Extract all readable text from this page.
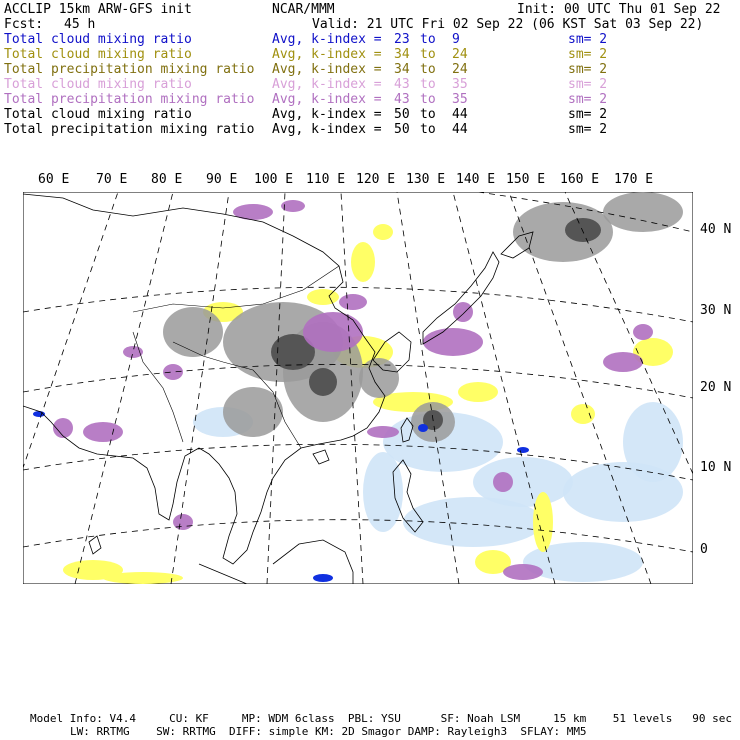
ACCLIP 15km ARW-GFS init	NCAR/MMM	Init: 00 UTC Thu 01 Sep 22
Fcst: 45 h	Valid: 21 UTC Fri 02 Sep 22 (06 KST Sat 03 Sep 22)
Total cloud mixing ratio	Avg, k-index = 23 to 9	sm= 2
Total cloud mixing ratio	Avg, k-index = 34 to 24	sm= 2
Total precipitation mixing ratio Avg, k-index = 34 to 24	sm= 2
Total cloud mixing ratio	Avg, k-index = 43 to 35	sm= 2
Total precipitation mixing ratio Avg, k-index = 43 to 35	sm= 2
Total cloud mixing ratio	Avg, k-index = 50 to 44	sm= 2
Total precipitation mixing ratio Avg, k-index = 50 to 44	sm= 2
60 E 70 E 80 E 90 E 100 E 110 E 120 E 130 E 140 E 150 E 160 E 170 E
40 N
30 N
20 N
10 N
0
Model Info: V4.4     CU: KF     MP: WDM 6class  PBL: YSU      SF: Noah LSM     15 km    51 levels   90 sec
LW: RRTMG    SW: RRTMG  DIFF: simple KM: 2D Smagor DAMP: Rayleigh3  SFLAY: MM5
